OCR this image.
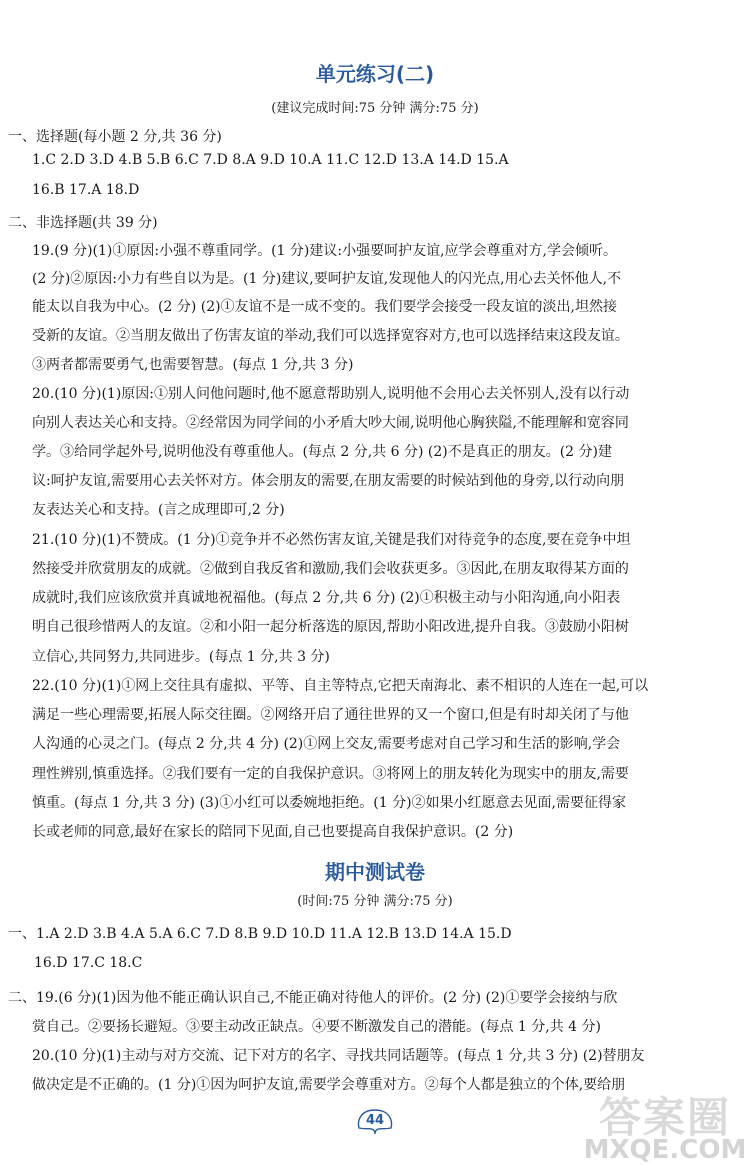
单元练习(二)
(建议完成时间:75 分钟 满分:75 分)
一、选择题(每小题 2 分,共 36 分)
1.C 2.D 3.D 4.B 5.B 6.C 7.D 8.A 9.D 10.A 11.C 12.D 13.A 14.D 15.A
16.B 17.A 18.D
二、非选择题(共 39 分)
19.(9 分)(1)①原因:小强不尊重同学。(1 分)建议:小强要呵护友谊,应学会尊重对方,学会倾听。
(2 分)②原因:小力有些自以为是。(1 分)建议,要呵护友谊,发现他人的闪光点,用心去关怀他人,不
能太以自我为中心。(2 分) (2)①友谊不是一成不变的。我们要学会接受一段友谊的淡出,坦然接
受新的友谊。②当朋友做出了伤害友谊的举动,我们可以选择宽容对方,也可以选择结束这段友谊。
③两者都需要勇气,也需要智慧。(每点 1 分,共 3 分)
20.(10 分)(1)原因:①别人问他问题时,他不愿意帮助别人,说明他不会用心去关怀别人,没有以行动
向别人表达关心和支持。②经常因为同学间的小矛盾大吵大闹,说明他心胸狭隘,不能理解和宽容同
学。③给同学起外号,说明他没有尊重他人。(每点 2 分,共 6 分) (2)不是真正的朋友。(2 分)建
议:呵护友谊,需要用心去关怀对方。体会朋友的需要,在朋友需要的时候站到他的身旁,以行动向朋
友表达关心和支持。(言之成理即可,2 分)
21.(10 分)(1)不赞成。(1 分)①竞争并不必然伤害友谊,关键是我们对待竞争的态度,要在竞争中坦
然接受并欣赏朋友的成就。②做到自我反省和激励,我们会收获更多。③因此,在朋友取得某方面的
成就时,我们应该欣赏并真诚地祝福他。(每点 2 分,共 6 分) (2)①积极主动与小阳沟通,向小阳表
明自己很珍惜两人的友谊。②和小阳一起分析落选的原因,帮助小阳改进,提升自我。③鼓励小阳树
立信心,共同努力,共同进步。(每点 1 分,共 3 分)
22.(10 分)(1)①网上交往具有虚拟、平等、自主等特点,它把天南海北、素不相识的人连在一起,可以
满足一些心理需要,拓展人际交往圈。②网络开启了通往世界的又一个窗口,但是有时却关闭了与他
人沟通的心灵之门。(每点 2 分,共 4 分) (2)①网上交友,需要考虑对自己学习和生活的影响,学会
理性辨别,慎重选择。②我们要有一定的自我保护意识。③将网上的朋友转化为现实中的朋友,需要
慎重。(每点 1 分,共 3 分) (3)①小红可以委婉地拒绝。(1 分)②如果小红愿意去见面,需要征得家
长或老师的同意,最好在家长的陪同下见面,自己也要提高自我保护意识。(2 分)
期中测试卷
(时间:75 分钟 满分:75 分)
一、1.A 2.D 3.B 4.A 5.A 6.C 7.D 8.B 9.D 10.D 11.A 12.B 13.D 14.A 15.D
16.D 17.C 18.C
二、19.(6 分)(1)因为他不能正确认识自己,不能正确对待他人的评价。(2 分) (2)①要学会接纳与欣
赏自己。②要扬长避短。③要主动改正缺点。④要不断激发自己的潜能。(每点 1 分,共 4 分)
20.(10 分)(1)主动与对方交流、记下对方的名字、寻找共同话题等。(每点 1 分,共 3 分) (2)替朋友
做决定是不正确的。(1 分)①因为呵护友谊,需要学会尊重对方。②每个人都是独立的个体,要给朋
44	答案圈
MXQE.COM
